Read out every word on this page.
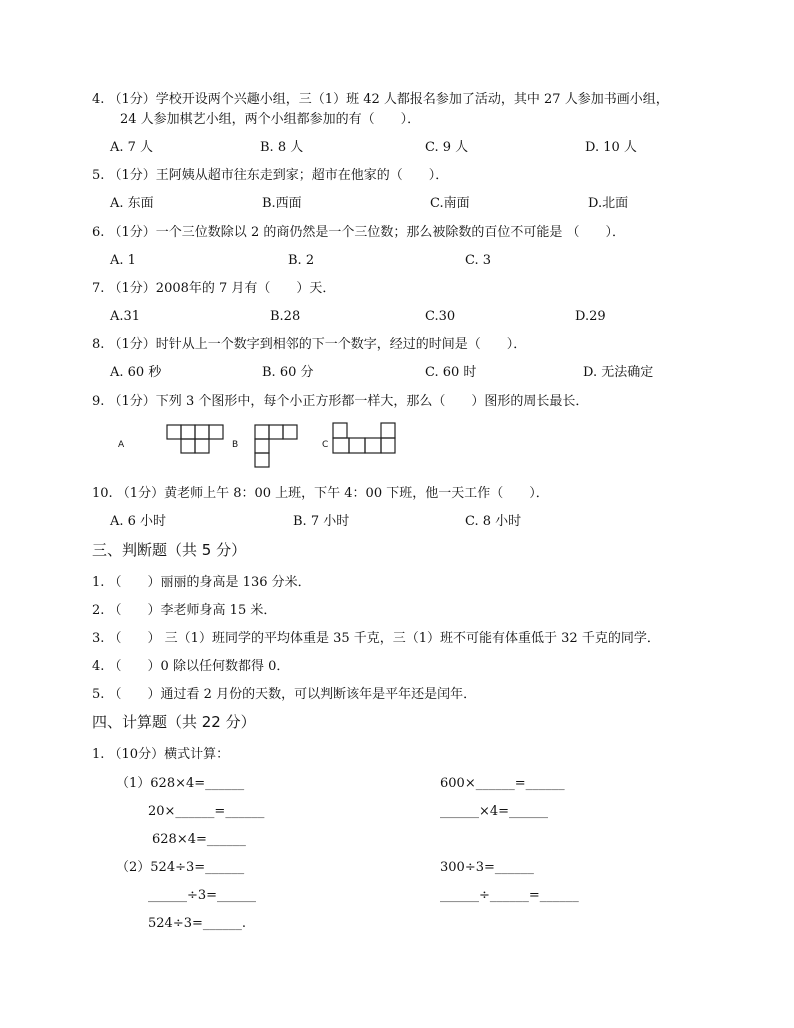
4. （1分）学校开设两个兴趣小组，三（1）班 42 人都报名参加了活动，其中 27 人参加书画小组，
24 人参加棋艺小组，两个小组都参加的有（　　）．
A. 7 人	B. 8 人	C. 9 人	D. 10 人
5. （1分）王阿姨从超市往东走到家；超市在他家的（　　）．
A. 东面	B.西面	C.南面	D.北面
6. （1分）一个三位数除以 2 的商仍然是一个三位数；那么被除数的百位不可能是 （　　）．
A. 1	B. 2	C. 3
7. （1分）2008年的 7 月有（　　）天．
A.31	B.28	C.30	D.29
8. （1分）时针从上一个数字到相邻的下一个数字，经过的时间是（　　）．
A. 60 秒	B. 60 分	C. 60 时	D. 无法确定
9. （1分）下列 3 个图形中，每个小正方形都一样大，那么（　　）图形的周长最长．
A	B	C
10. （1分）黄老师上午 8：00 上班，下午 4：00 下班，他一天工作（　　）．
A. 6 小时	B. 7 小时	C. 8 小时
三、判断题（共 5 分）
1. （　　）丽丽的身高是 136 分米．
2. （　　）李老师身高 15 米．
3. （　　） 三（1）班同学的平均体重是 35 千克，三（1）班不可能有体重低于 32 千克的同学．
4. （　　）0 除以任何数都得 0．
5. （　　）通过看 2 月份的天数，可以判断该年是平年还是闰年．
四、计算题（共 22 分）
1. （10分）横式计算：
（1）628×4=______
20×______=______
628×4=______
600×______=______
______×4=______
（2）524÷3=______
______÷3=______
524÷3=______.
300÷3=______
______÷______=______
